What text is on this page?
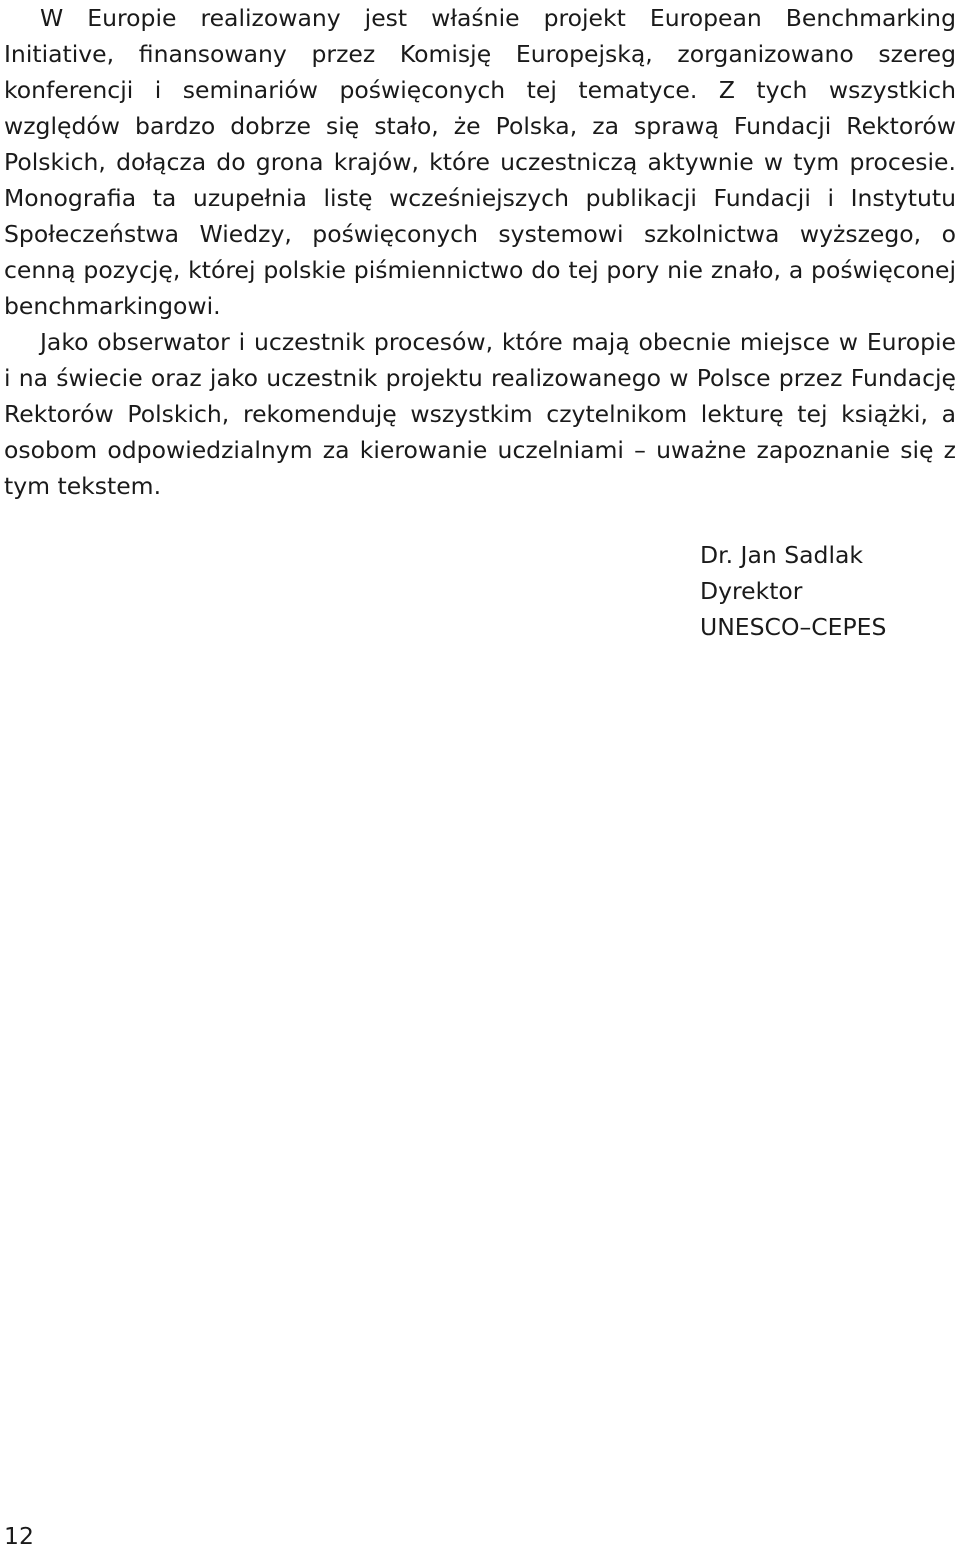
W Europie realizowany jest właśnie projekt European Benchmarking Initiative, finansowany przez Komisję Europejską, zorganizowano szereg konferencji i seminariów poświęconych tej tematyce. Z tych wszystkich względów bardzo dobrze się stało, że Polska, za sprawą Fundacji Rektorów Polskich, dołącza do grona krajów, które uczestniczą aktywnie w tym procesie. Monografia ta uzupełnia listę wcześniejszych publikacji Fundacji i Instytutu Społeczeństwa Wiedzy, poświęconych systemowi szkolnictwa wyższego, o cenną pozycję, której polskie piśmiennictwo do tej pory nie znało, a poświęconej benchmarkingowi.

Jako obserwator i uczestnik procesów, które mają obecnie miejsce w Europie i na świecie oraz jako uczestnik projektu realizowanego w Polsce przez Fundację Rektorów Polskich, rekomenduję wszystkim czytelnikom lekturę tej książki, a osobom odpowiedzialnym za kierowanie uczelniami – uważne zapoznanie się z tym tekstem.

Dr. Jan Sadlak
Dyrektor
UNESCO–CEPES
12
